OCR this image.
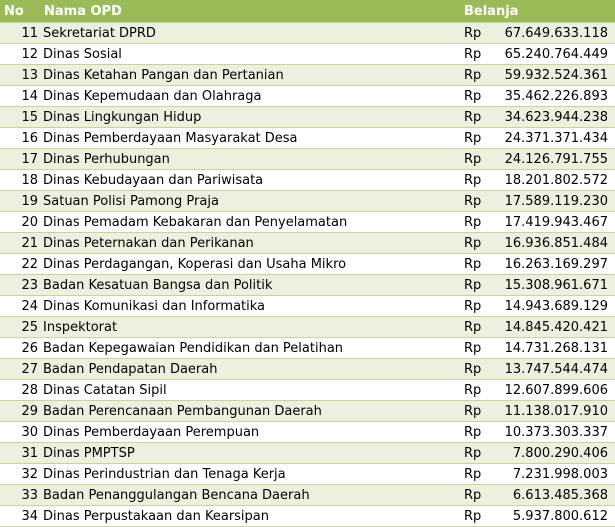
No	Nama OPD	Belanja	
11	Sekretariat DPRD	Rp	67.649.633.118
12	Dinas Sosial	Rp	65.240.764.449
13	Dinas Ketahan Pangan dan Pertanian	Rp	59.932.524.361
14	Dinas Kepemudaan dan Olahraga	Rp	35.462.226.893
15	Dinas Lingkungan Hidup	Rp	34.623.944.238
16	Dinas Pemberdayaan Masyarakat Desa	Rp	24.371.371.434
17	Dinas Perhubungan	Rp	24.126.791.755
18	Dinas Kebudayaan dan Pariwisata	Rp	18.201.802.572
19	Satuan Polisi Pamong Praja	Rp	17.589.119.230
20	Dinas Pemadam Kebakaran dan Penyelamatan	Rp	17.419.943.467
21	Dinas Peternakan dan Perikanan	Rp	16.936.851.484
22	Dinas Perdagangan, Koperasi dan Usaha Mikro	Rp	16.263.169.297
23	Badan Kesatuan Bangsa dan Politik	Rp	15.308.961.671
24	Dinas Komunikasi dan Informatika	Rp	14.943.689.129
25	Inspektorat	Rp	14.845.420.421
26	Badan Kepegawaian Pendidikan dan Pelatihan	Rp	14.731.268.131
27	Badan Pendapatan Daerah	Rp	13.747.544.474
28	Dinas Catatan Sipil	Rp	12.607.899.606
29	Badan Perencanaan Pembangunan Daerah	Rp	11.138.017.910
30	Dinas Pemberdayaan Perempuan	Rp	10.373.303.337
31	Dinas PMPTSP	Rp	7.800.290.406
32	Dinas Perindustrian dan Tenaga Kerja	Rp	7.231.998.003
33	Badan Penanggulangan Bencana Daerah	Rp	6.613.485.368
34	Dinas Perpustakaan dan Kearsipan	Rp	5.937.800.612
